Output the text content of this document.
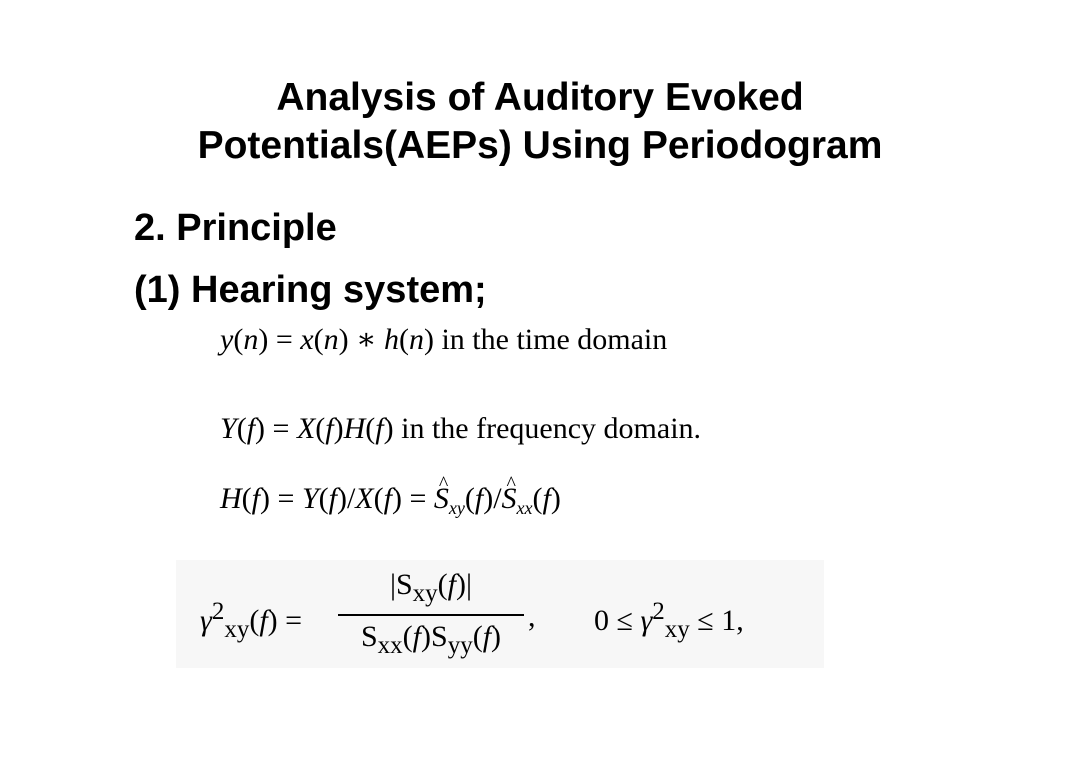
Analysis of Auditory Evoked
Potentials(AEPs) Using Periodogram
2. Principle
(1) Hearing system;
y(n) = x(n) ∗ h(n) in the time domain
Y(f) = X(f)H(f) in the frequency domain.
H(f) = Y(f)/X(f) = ^ $S_{xy}(f)/\^{}$ $S_{xx}(f)$
$\gamma^2_{xy}(f)$ =
$|S_{xy}(f)|$
$S_{xx}(f)S_{yy}(f)$
, $0 \le \gamma^2_{xy} \le 1$,
